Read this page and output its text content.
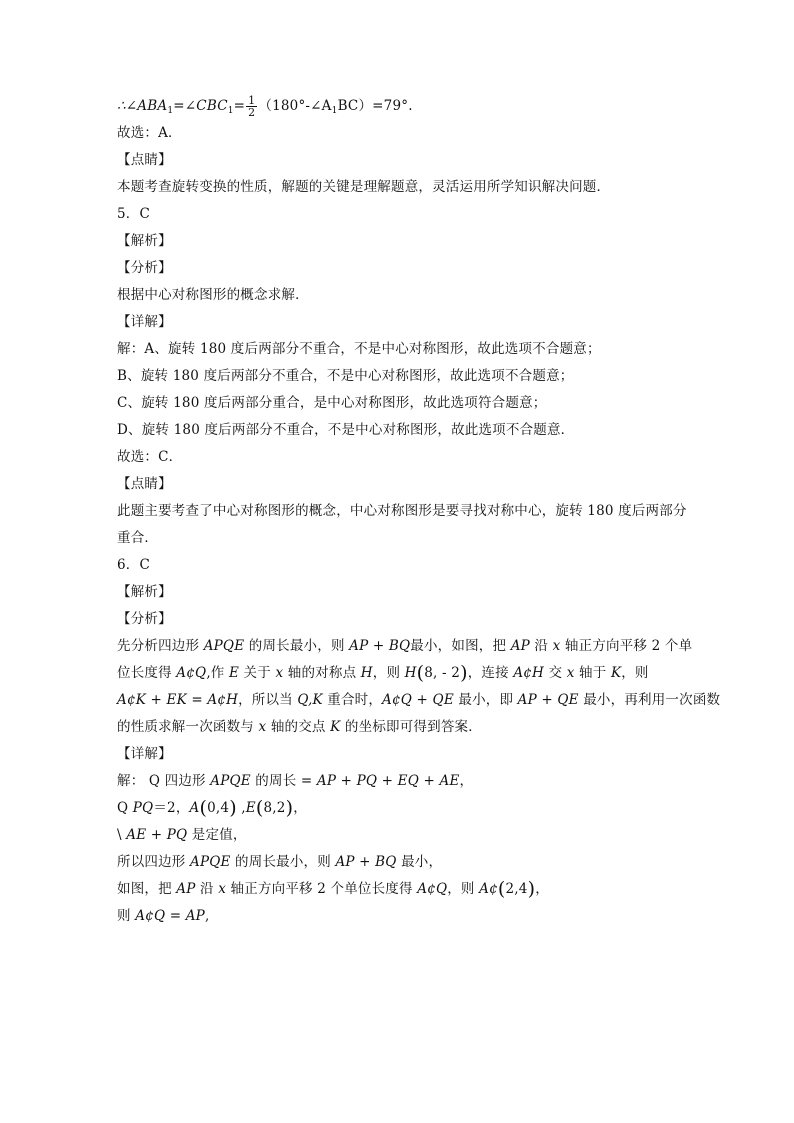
$\therefore\angle ABA_1=\angle CBC_1= \frac{1}{2}$ $(180^\circ-\angle A_1BC)=79^\circ$.
故选：A．
【点睛】
本题考查旋转变换的性质，解题的关键是理解题意，灵活运用所学知识解决问题．
5．C
【解析】
【分析】
根据中心对称图形的概念求解．
【详解】
解：A、旋转 180 度后两部分不重合，不是中心对称图形，故此选项不合题意；
B、旋转 180 度后两部分不重合，不是中心对称图形，故此选项不合题意；
C、旋转 180 度后两部分重合，是中心对称图形，故此选项符合题意；
D、旋转 180 度后两部分不重合，不是中心对称图形，故此选项不合题意．
故选：C．
【点睛】
此题主要考查了中心对称图形的概念，中心对称图形是要寻找对称中心，旋转 180 度后两部分重合．
6．C
【解析】
【分析】
先分析四边形 APQE 的周长最小，则 AP + BQ最小，如图，把 AP 沿 x 轴正方向平移 2 个单
位长度得 A¢Q,作 E 关于 x 轴的对称点 H，则 H(8, - 2)，连接 A¢H 交 x 轴于 K，则
A¢K + EK = A¢H，所以当 Q,K 重合时，A¢Q + QE 最小，即 AP + QE 最小，再利用一次函数
的性质求解一次函数与 x 轴的交点 K 的坐标即可得到答案．
【详解】
解： Q 四边形 APQE 的周长 = AP + PQ + EQ + AE，
Q PQ＝2，A(0,4) ,E(8,2)，
\ AE + PQ 是定值，
所以四边形 APQE 的周长最小，则 AP + BQ 最小，
如图，把 AP 沿 x 轴正方向平移 2 个单位长度得 A¢Q，则 A¢(2,4)，
则 A¢Q = AP,
